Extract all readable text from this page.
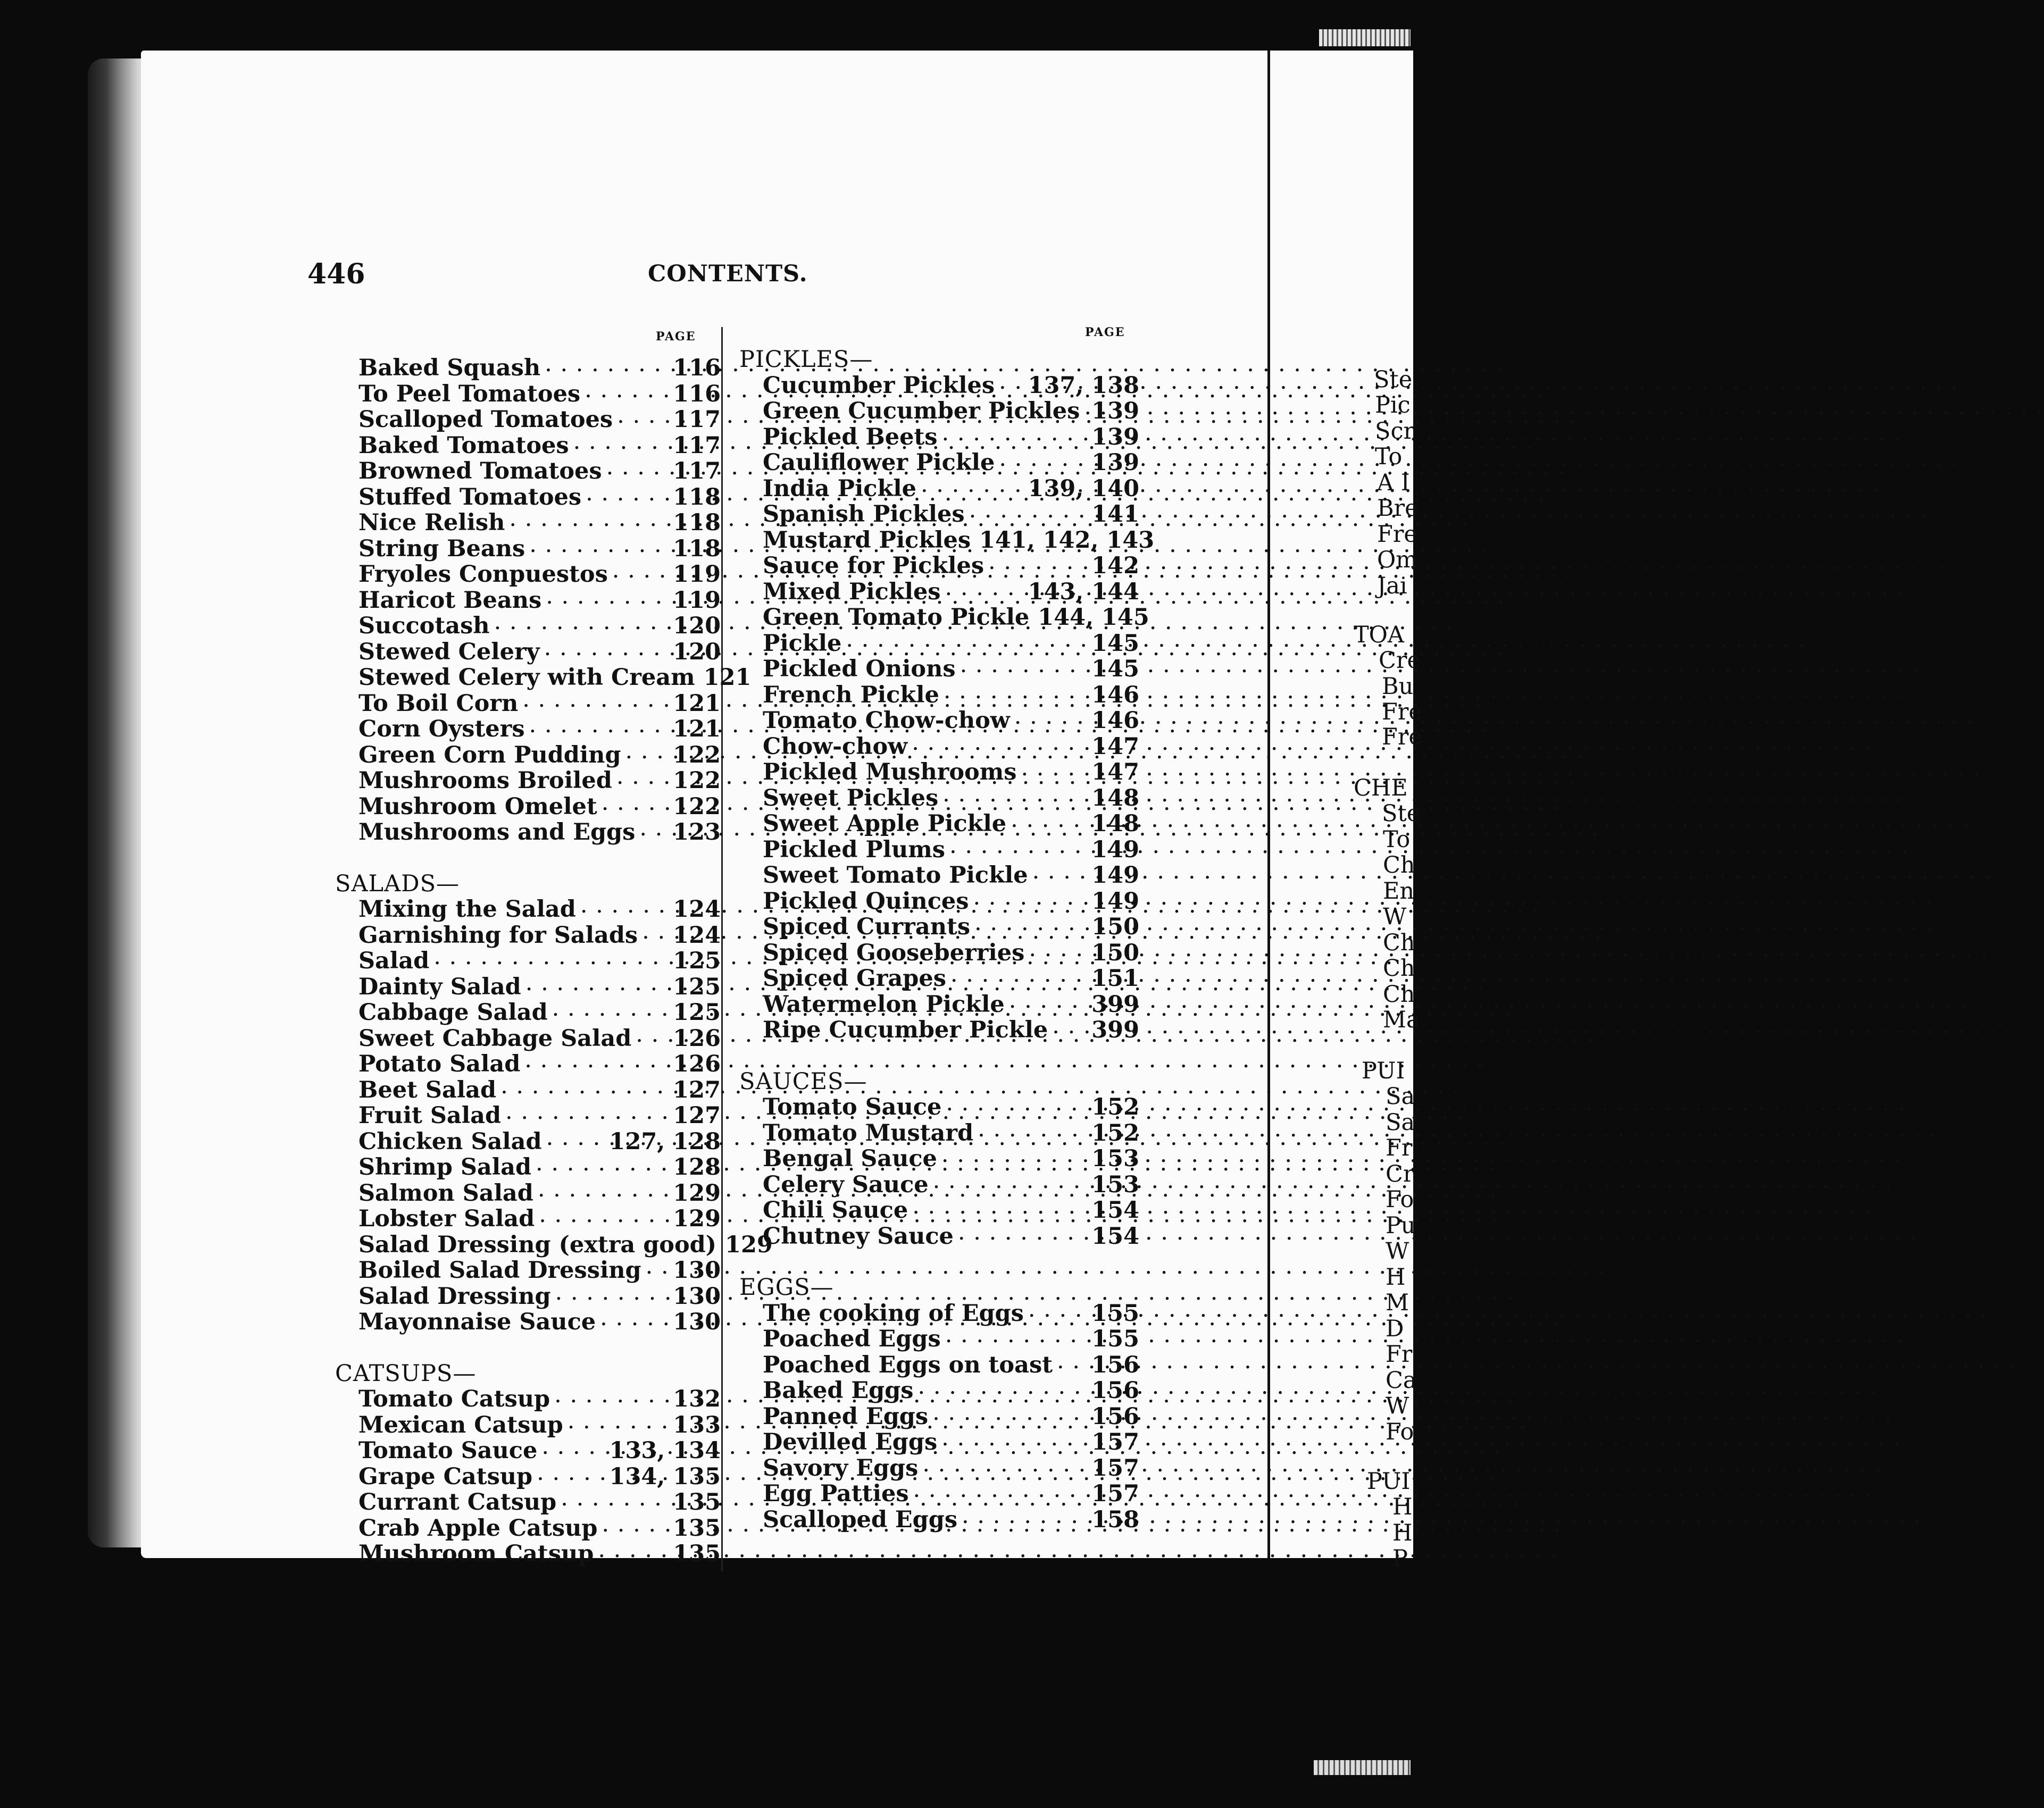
446	CONTENTS.
PAGE	PAGE
Baked Squash . . .	116
To Peel Tomatoes . . .	116
Scalloped Tomatoes . . .	117
Baked Tomatoes . . .	117
Browned Tomatoes . . .	117
Stuffed Tomatoes . . .	118
Nice Relish . . .	118
String Beans . . .	118
Fryoles Conpuestos . . .	119
Haricot Beans . . .	119
Succotash . . .	120
Stewed Celery . . .	120
Stewed Celery with Cream 121
To Boil Corn . . .	121
Corn Oysters . . .	121
Green Corn Pudding . . . 122
Mushrooms Broiled . . .	122
Mushroom Omelet . . .	122
Mushrooms and Eggs . . . 123
SALADS—
Mixing the Salad . . .	124
Garnishing for Salads . . . 124
Salad . . .	125
Dainty Salad . . .	125
Cabbage Salad . . .	125
Sweet Cabbage Salad . . . 126
Potato Salad . . .	126
Beet Salad . . .	127
Fruit Salad . . .	127
Chicken Salad . . .	127, 128
Shrimp Salad . . .	128
Salmon Salad . . .	129
Lobster Salad . . .	129
Salad Dressing (extra good) 129
Boiled Salad Dressing . . . 130
Salad Dressing . . .	130
Mayonnaise Sauce . . .	130
CATSUPS—
Tomato Catsup . . .	132
Mexican Catsup . . .	133
Tomato Sauce . . .	133, 134
Grape Catsup . . .	134, 135
Currant Catsup . . .	135
Crab Apple Catsup . . .	135
Mushroom Catsup . . .	135
PICKLES—
Cucumber Pickles . . . 137, 138
Green Cucumber Pickles . . . 139
Pickled Beets . . .	139
Cauliflower Pickle . . .	139
India Pickle . . .	139, 140
Spanish Pickles . . .	141
Mustard Pickles 141, 142, 143
Sauce for Pickles . . .	142
Mixed Pickles . . .	143, 144
Green Tomato Pickle 144, 145
Pickle . . .	145
Pickled Onions . . .	145
French Pickle . . .	146
Tomato Chow-chow . . .	146
Chow-chow . . .	147
Pickled Mushrooms . . .	147
Sweet Pickles . . .	148
Sweet Apple Pickle . . .	148
Pickled Plums . . .	149
Sweet Tomato Pickle . . .	149
Pickled Quinces . . .	149
Spiced Currants . . .	150
Spiced Gooseberries . . .	150
Spiced Grapes . . .	151
Watermelon Pickle . . .	399
Ripe Cucumber Pickle . . . 399
SAUCES—
Tomato Sauce . . .	152
Tomato Mustard . . .	152
Bengal Sauce . . .	153
Celery Sauce . . .	153
Chili Sauce . . .	154
Chutney Sauce . . .	154
EGGS—
The cooking of Eggs . . .	155
Poached Eggs . . .	155
Poached Eggs on toast . . . 156
Baked Eggs . . .	156
Panned Eggs . . .	156
Devilled Eggs . . .	157
Savory Eggs . . .	157
Egg Patties . . .	157
Scalloped Eggs . . .	158
Ste
Pic
Scr
To
A I
Bre
Fre
Om
Jai
TOA
Cre
Bu
Fre
Fre
CHE
Ste
To
Ch
En
W
Ch
Ch
Ch
Ma
PUI
Sa
Sa
Fr
Cr
Fo
Pu
W
H
M
D
Fr
Ca
W
Fo
PUI
H
H
P
